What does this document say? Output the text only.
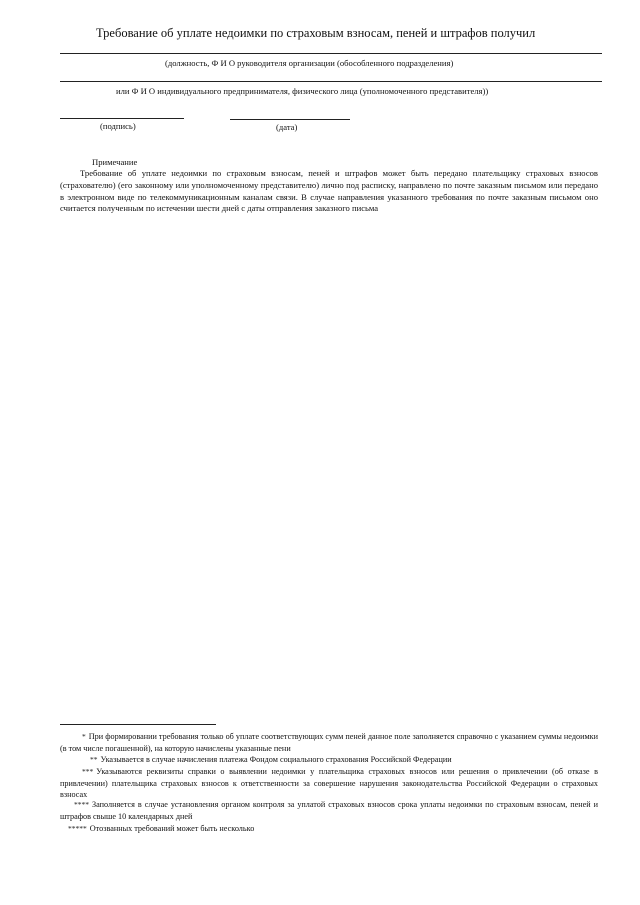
Требование об уплате недоимки по страховым взносам, пеней и штрафов получил
(должность, Ф И О руководителя организации (обособленного подразделения)
или Ф И О индивидуального предпринимателя, физического лица (уполномоченного представителя))
(подпись)	(дата)
Примечание
Требование об уплате недоимки по страховым взносам, пеней и штрафов может быть передано плательщику страховых взносов (страхователю) (его законному или уполномоченному представителю) лично под расписку, направлено по почте заказным письмом или передано в электронном виде по телекоммуникационным каналам связи. В случае направления указанного требования по почте заказным письмом оно считается полученным по истечении шести дней с даты отправления заказного письма
* При формировании требования только об уплате соответствующих сумм пеней данное поле заполняется справочно с указанием суммы недоимки (в том числе погашенной), на которую начислены указанные пени
** Указывается в случае начисления платежа Фондом социального страхования Российской Федерации
*** Указываются реквизиты справки о выявлении недоимки у плательщика страховых взносов или решения о привлечении (об отказе в привлечении) плательщика страховых взносов к ответственности за совершение нарушения законодательства Российской Федерации о страховых взносах
**** Заполняется в случае установления органом контроля за уплатой страховых взносов срока уплаты недоимки по страховым взносам, пеней и штрафов свыше 10 календарных дней
***** Отозванных требований может быть несколько
